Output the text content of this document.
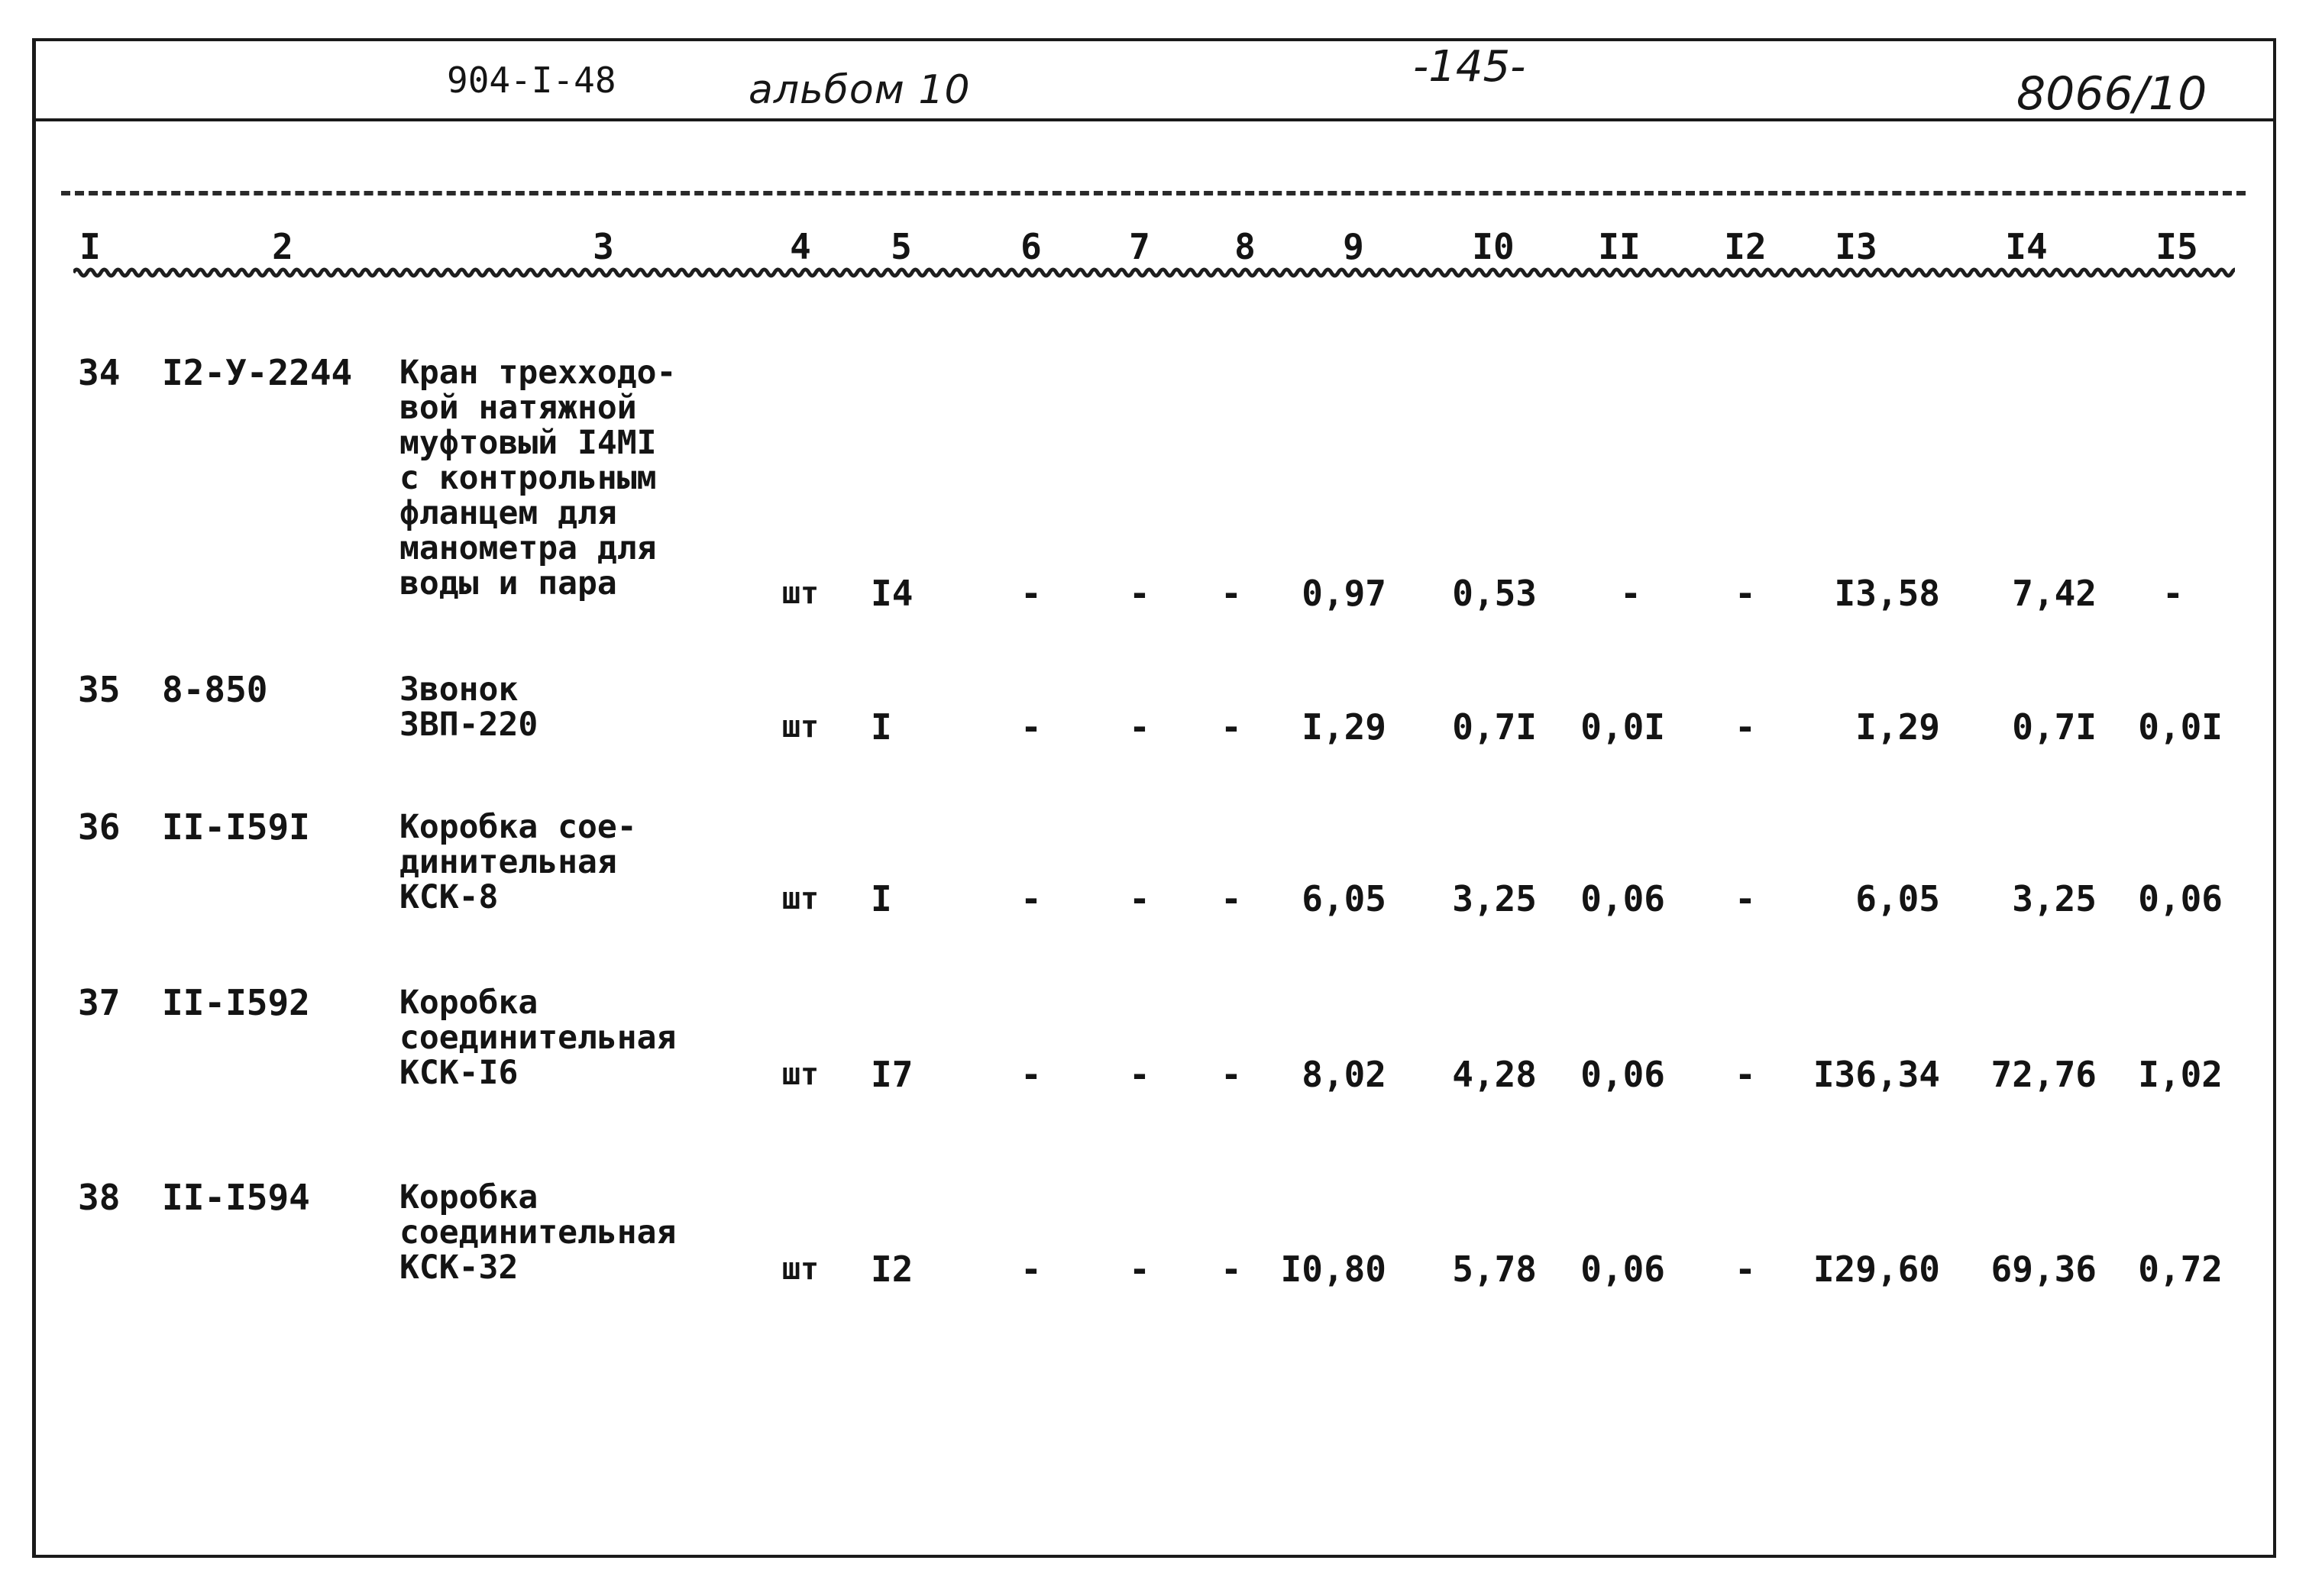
904-I-48	альбом 10	-145-
8066/10
I	2	3	4	5	6	7	8	9	I0 II I2 I3	I4	I5
34 I2-У-2244 Кран трехходо-
вой натяжной
муфтовый I4MI
с контрольным
фланцем для
манометра для
воды и пара	шт I4	- - - 0,97 0,53 -	- I3,58 7,42 -
35 8-850	Звонок
ЗВП-220	шт I	- - - I,29 0,7I 0,0I -	I,29 0,7I 0,0I
36 II-I59I	Коробка сое-
динительная
КСК-8	шт I	- - - 6,05 3,25 0,06 -	6,05 3,25 0,06
37 II-I592	Коробка
соединительная
КСК-I6	шт I7	- - - 8,02 4,28 0,06 - I36,34 72,76 I,02
38 II-I594	Коробка
соединительная
КСК-32	шт I2	- - - I0,80 5,78 0,06 - I29,60 69,36 0,72
